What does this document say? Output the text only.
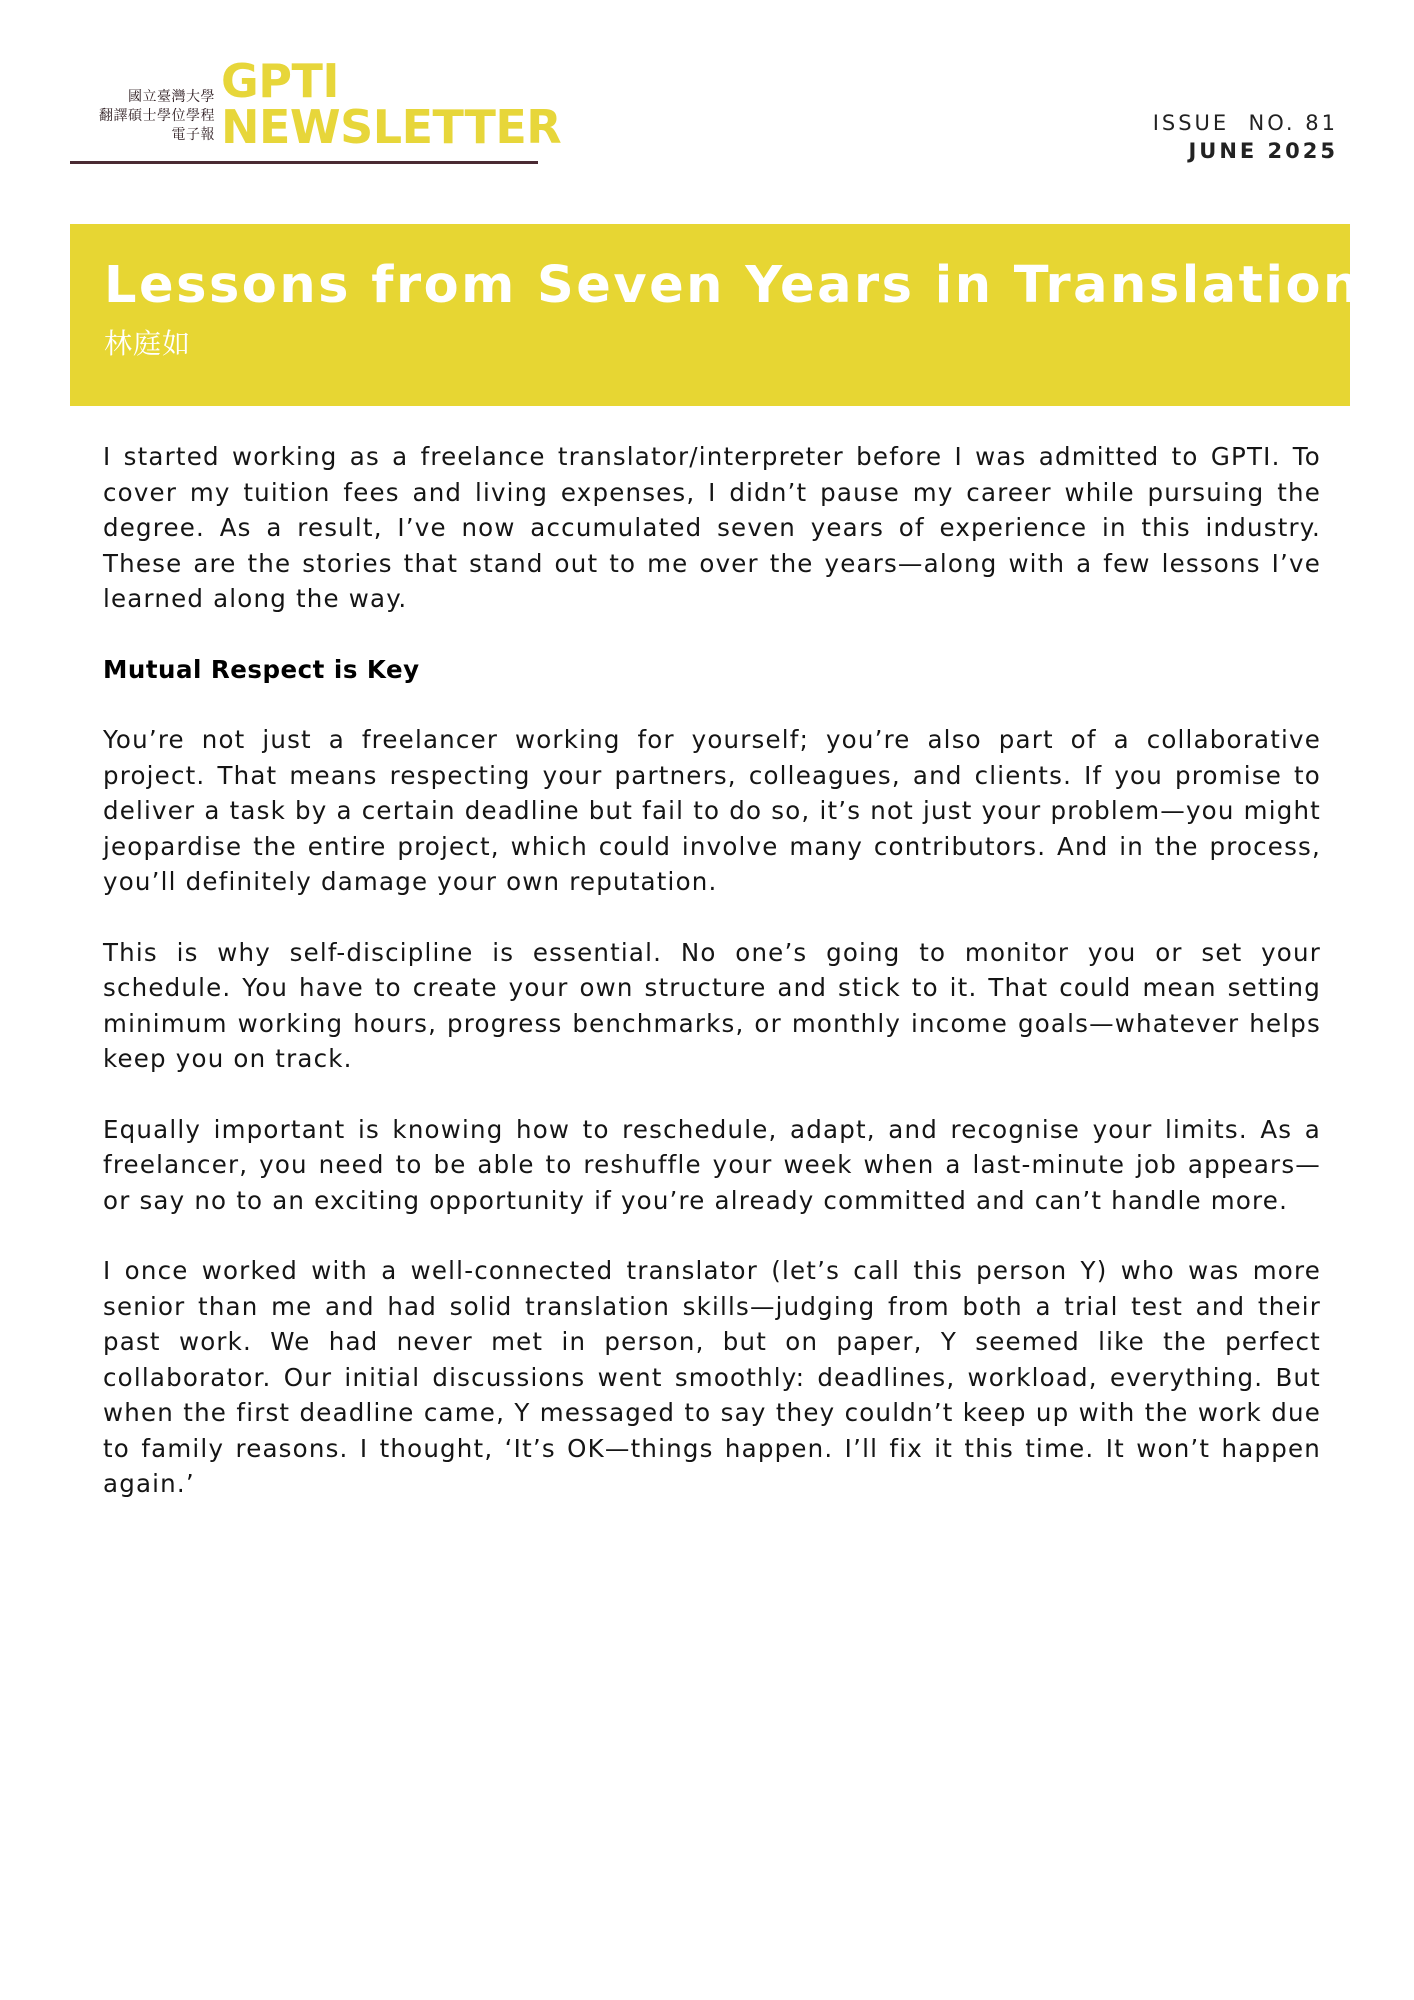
國立臺灣大學
翻譯碩士學位學程
電子報
GPTI
NEWSLETTER	ISSUE  NO. 81
JUNE 2025
Lessons from Seven Years in Translation
林庭如

I started working as a freelance translator/interpreter before I was admitted to GPTI. To cover my tuition fees and living expenses, I didn’t pause my career while pursuing the degree. As a result, I’ve now accumulated seven years of experience in this industry. These are the stories that stand out to me over the years—along with a few lessons I’ve learned along the way.

Mutual Respect is Key

You’re not just a freelancer working for yourself; you’re also part of a collaborative project. That means respecting your partners, colleagues, and clients. If you promise to deliver a task by a certain deadline but fail to do so, it’s not just your problem—you might jeopardise the entire project, which could involve many contributors. And in the process, you’ll definitely damage your own reputation.

This is why self-discipline is essential. No one’s going to monitor you or set your schedule. You have to create your own structure and stick to it. That could mean setting minimum working hours, progress benchmarks, or monthly income goals—whatever helps keep you on track.

Equally important is knowing how to reschedule, adapt, and recognise your limits. As a freelancer, you need to be able to reshuffle your week when a last-minute job appears—or say no to an exciting opportunity if you’re already committed and can’t handle more.

I once worked with a well-connected translator (let’s call this person Y) who was more senior than me and had solid translation skills—judging from both a trial test and their past work. We had never met in person, but on paper, Y seemed like the perfect collaborator. Our initial discussions went smoothly: deadlines, workload, everything. But when the first deadline came, Y messaged to say they couldn’t keep up with the work due to family reasons. I thought, ‘It’s OK—things happen. I’ll fix it this time. It won’t happen again.’
